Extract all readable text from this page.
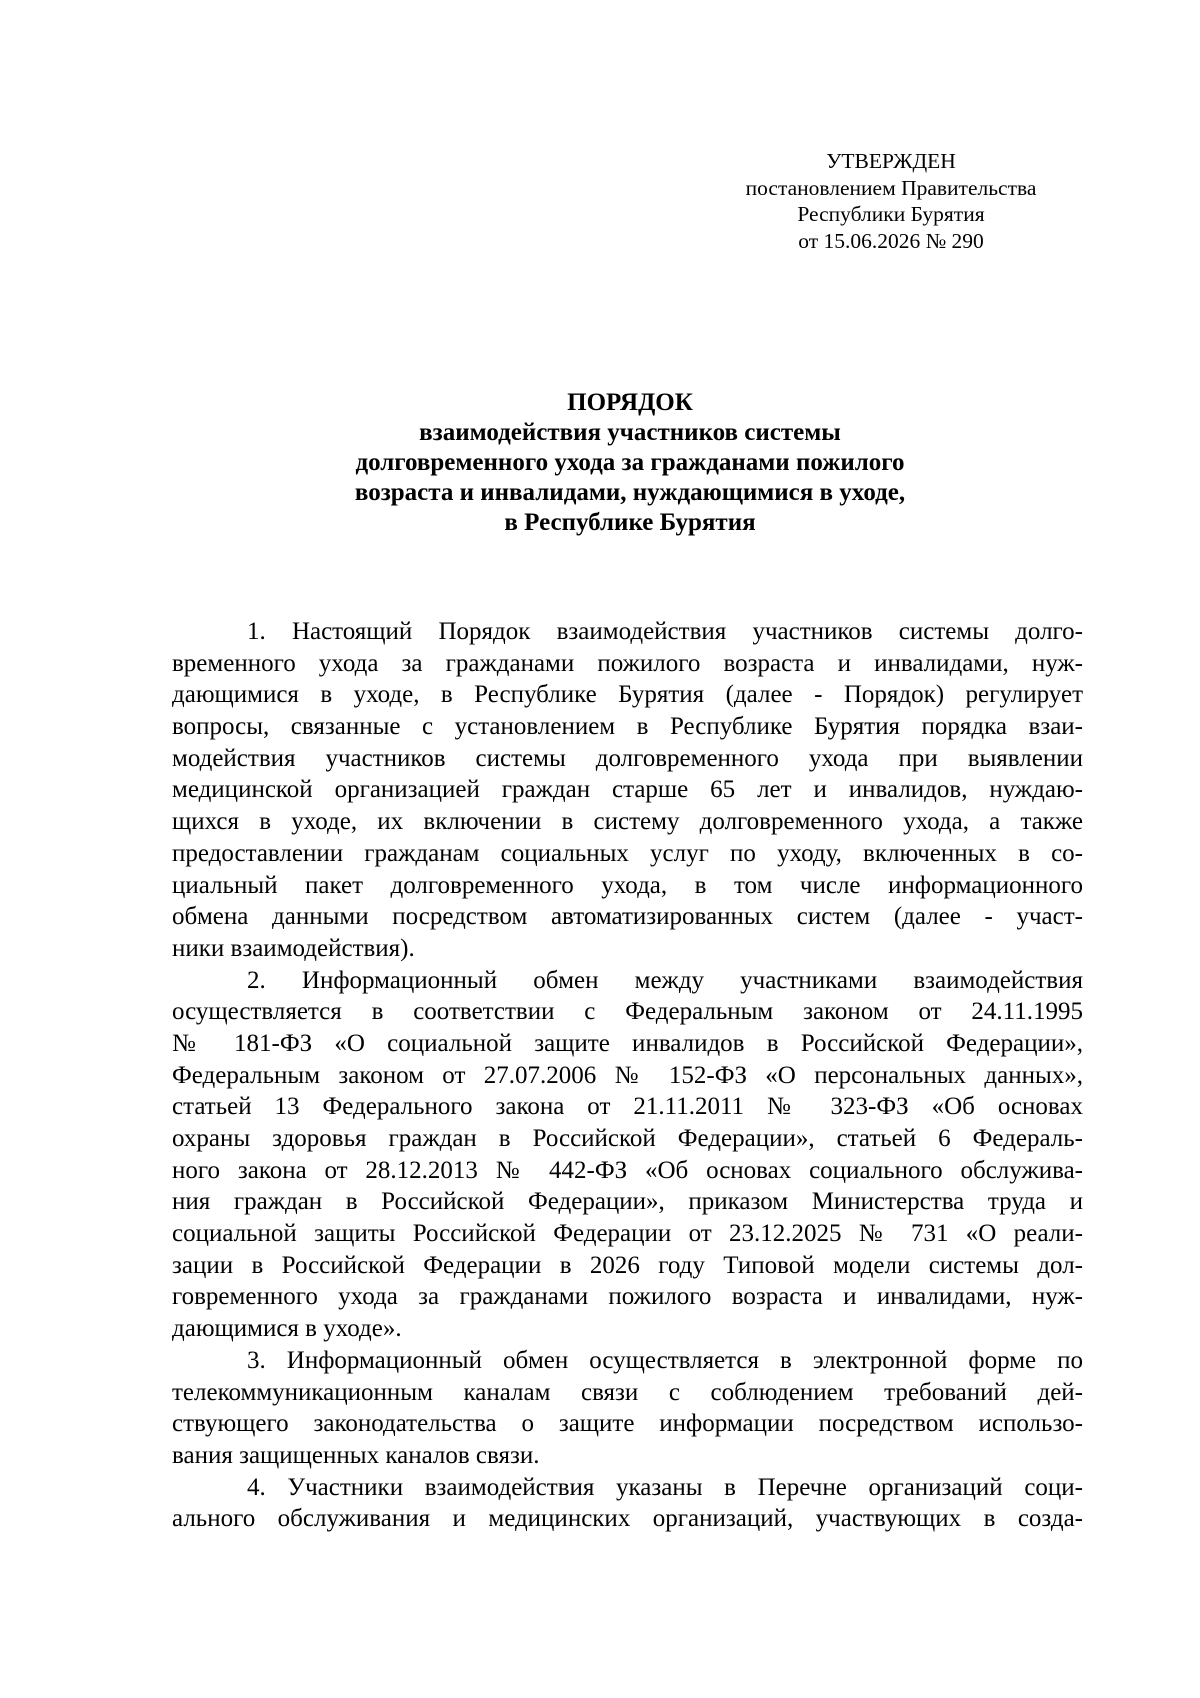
УТВЕРЖДЕН
постановлением Правительства
Республики Бурятия
от 15.06.2026 № 290
ПОРЯДОК
взаимодействия участников системы
долговременного ухода за гражданами пожилого
возраста и инвалидами, нуждающимися в уходе,
в Республике Бурятия
1. Настоящий Порядок взаимодействия участников системы долго-
временного ухода за гражданами пожилого возраста и инвалидами, нуж-
дающимися в уходе, в Республике Бурятия (далее - Порядок) регулирует
вопросы, связанные с установлением в Республике Бурятия порядка взаи-
модействия участников системы долговременного ухода при выявлении
медицинской организацией граждан старше 65 лет и инвалидов, нуждаю-
щихся в уходе, их включении в систему долговременного ухода, а также
предоставлении гражданам социальных услуг по уходу, включенных в со-
циальный пакет долговременного ухода, в том числе информационного
обмена данными посредством автоматизированных систем (далее - участ-
ники взаимодействия).
2. Информационный обмен между участниками взаимодействия
осуществляется в соответствии с Федеральным законом от 24.11.1995
№ 181-ФЗ «О социальной защите инвалидов в Российской Федерации»,
Федеральным законом от 27.07.2006 № 152-ФЗ «О персональных данных»,
статьей 13 Федерального закона от 21.11.2011 № 323-ФЗ «Об основах
охраны здоровья граждан в Российской Федерации», статьей 6 Федераль-
ного закона от 28.12.2013 № 442-ФЗ «Об основах социального обслужива-
ния граждан в Российской Федерации», приказом Министерства труда и
социальной защиты Российской Федерации от 23.12.2025 № 731 «О реали-
зации в Российской Федерации в 2026 году Типовой модели системы дол-
говременного ухода за гражданами пожилого возраста и инвалидами, нуж-
дающимися в уходе».
3. Информационный обмен осуществляется в электронной форме по
телекоммуникационным каналам связи с соблюдением требований дей-
ствующего законодательства о защите информации посредством использо-
вания защищенных каналов связи.
4. Участники взаимодействия указаны в Перечне организаций соци-
ального обслуживания и медицинских организаций, участвующих в созда-
